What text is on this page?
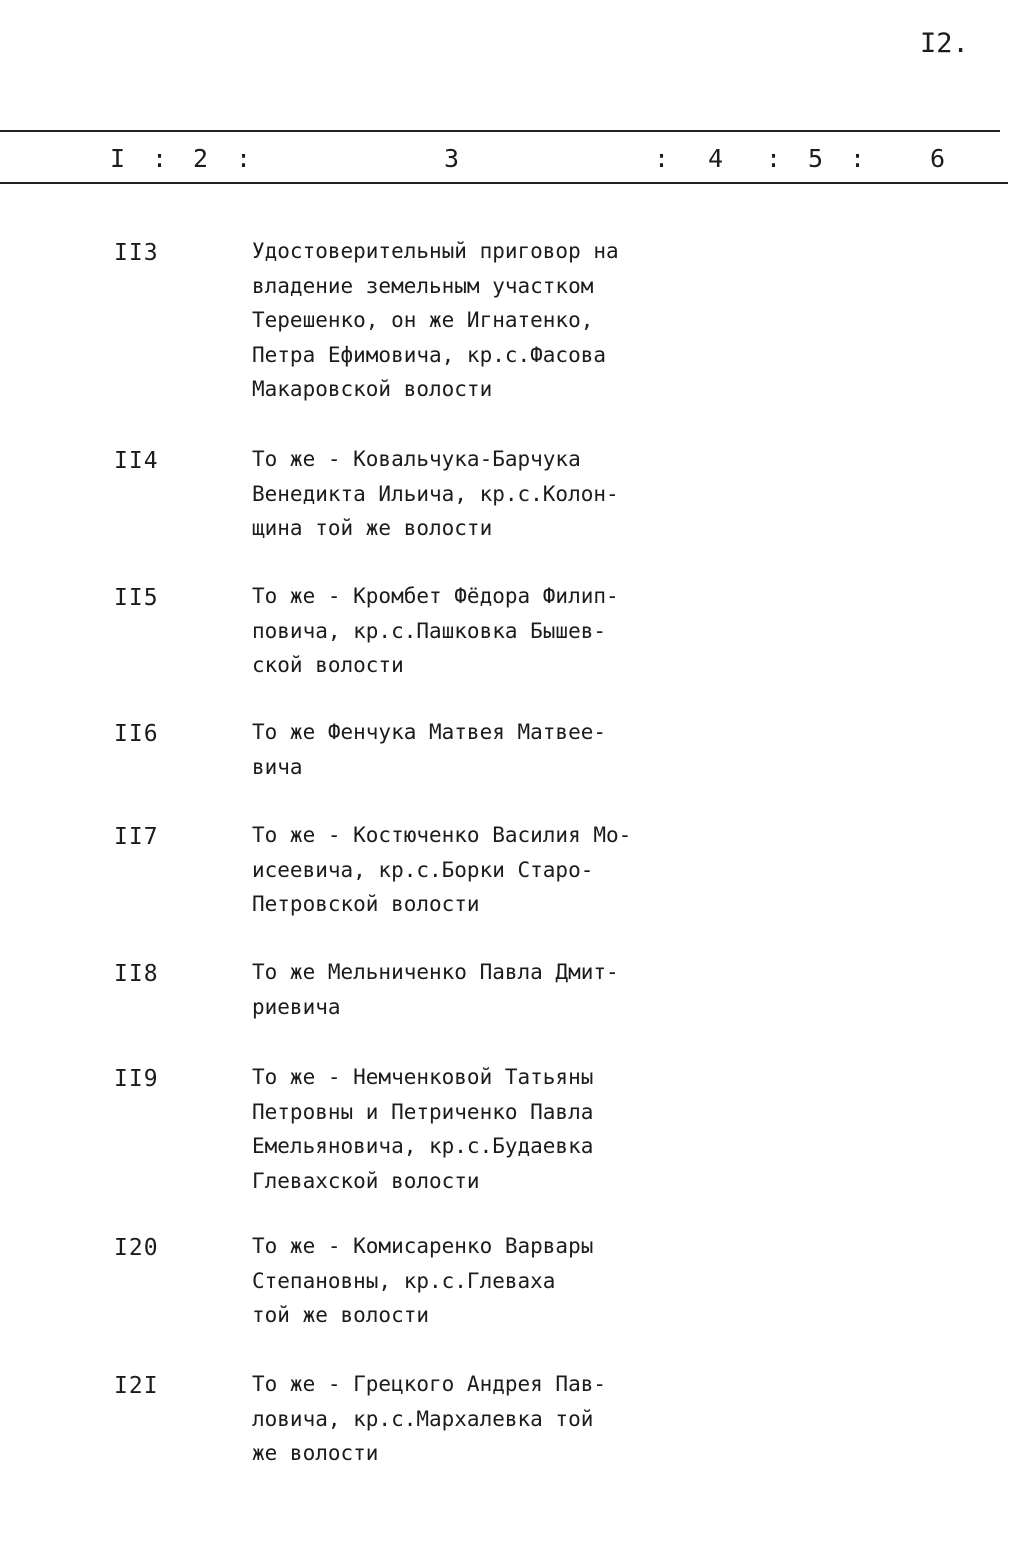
I2.
I : 2 :	3	: 4 : 5 :	6
II3	Удостоверительный приговор на
владение земельным участком
Терешенко, он же Игнатенко,
Петра Ефимовича, кр.с.Фасова
Макаровской волости
II4	То же - Ковальчука-Барчука
Венедикта Ильича, кр.с.Колон-
щина той же волости
II5	То же - Кромбет Фёдора Филип-
повича, кр.с.Пашковка Бышев-
ской волости
II6	То же Фенчука Матвея Матвее-
вича
II7	То же - Костюченко Василия Мо-
исеевича, кр.с.Борки Старо-
Петровской волости
II8	То же Мельниченко Павла Дмит-
риевича
II9	То же - Немченковой Татьяны
Петровны и Петриченко Павла
Емельяновича, кр.с.Будаевка
Глевахской волости
I20	То же - Комисаренко Варвары
Степановны, кр.с.Глеваха
той же волости
I2I	То же - Грецкого Андрея Пав-
ловича, кр.с.Мархалевка той
же волости
